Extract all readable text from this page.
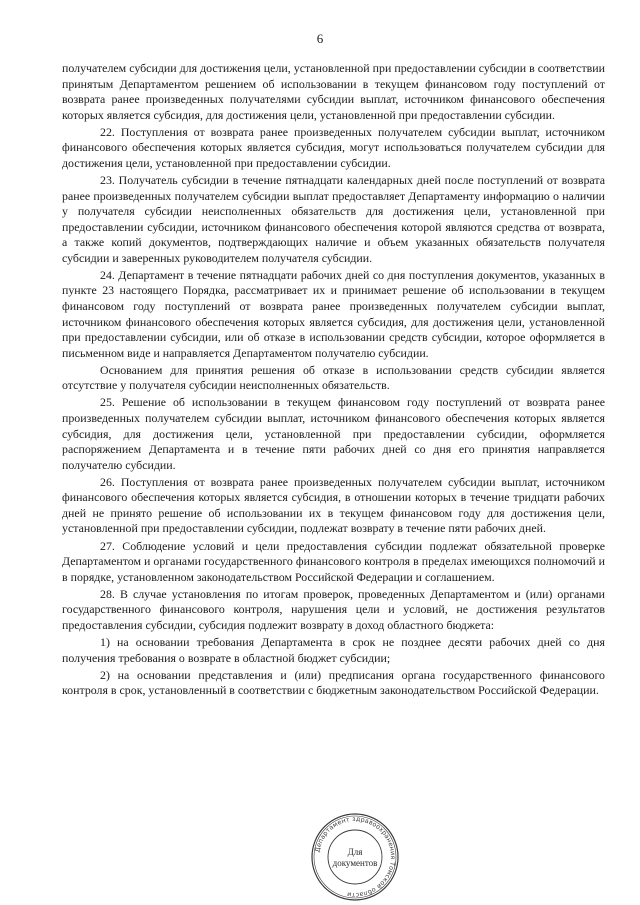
6

получателем субсидии для достижения цели, установленной при предоставлении субсидии в соответствии принятым Департаментом решением об использовании в текущем финансовом году поступлений от возврата ранее произведенных получателями субсидии выплат, источником финансового обеспечения которых является субсидия, для достижения цели, установленной при предоставлении субсидии.

22. Поступления от возврата ранее произведенных получателем субсидии выплат, источником финансового обеспечения которых является субсидия, могут использоваться получателем субсидии для достижения цели, установленной при предоставлении субсидии.

23. Получатель субсидии в течение пятнадцати календарных дней после поступлений от возврата ранее произведенных получателем субсидии выплат предоставляет Департаменту информацию о наличии у получателя субсидии неисполненных обязательств для достижения цели, установленной при предоставлении субсидии, источником финансового обеспечения которой являются средства от возврата, а также копий документов, подтверждающих наличие и объем указанных обязательств получателя субсидии и заверенных руководителем получателя субсидии.

24. Департамент в течение пятнадцати рабочих дней со дня поступления документов, указанных в пункте 23 настоящего Порядка, рассматривает их и принимает решение об использовании в текущем финансовом году поступлений от возврата ранее произведенных получателем субсидии выплат, источником финансового обеспечения которых является субсидия, для достижения цели, установленной при предоставлении субсидии, или об отказе в использовании средств субсидии, которое оформляется в письменном виде и направляется Департаментом получателю субсидии.

Основанием для принятия решения об отказе в использовании средств субсидии является отсутствие у получателя субсидии неисполненных обязательств.

25. Решение об использовании в текущем финансовом году поступлений от возврата ранее произведенных получателем субсидии выплат, источником финансового обеспечения которых является субсидия, для достижения цели, установленной при предоставлении субсидии, оформляется распоряжением Департамента и в течение пяти рабочих дней со дня его принятия направляется получателю субсидии.

26. Поступления от возврата ранее произведенных получателем субсидии выплат, источником финансового обеспечения которых является субсидия, в отношении которых в течение тридцати рабочих дней не принято решение об использовании их в текущем финансовом году для достижения цели, установленной при предоставлении субсидии, подлежат возврату в течение пяти рабочих дней.

27. Соблюдение условий и цели предоставления субсидии подлежат обязательной проверке Департаментом и органами государственного финансового контроля в пределах имеющихся полномочий и в порядке, установленном законодательством Российской Федерации и соглашением.

28. В случае установления по итогам проверок, проведенных Департаментом и (или) органами государственного финансового контроля, нарушения цели и условий, не достижения результатов предоставления субсидии, субсидия подлежит возврату в доход областного бюджета:

1) на основании требования Департамента в срок не позднее десяти рабочих дней со дня получения требования о возврате в областной бюджет субсидии;

2) на основании представления и (или) предписания органа государственного финансового контроля в срок, установленный в соответствии с бюджетным законодательством Российской Федерации.

Департамент здравоохранения Томской области
Для
документов
